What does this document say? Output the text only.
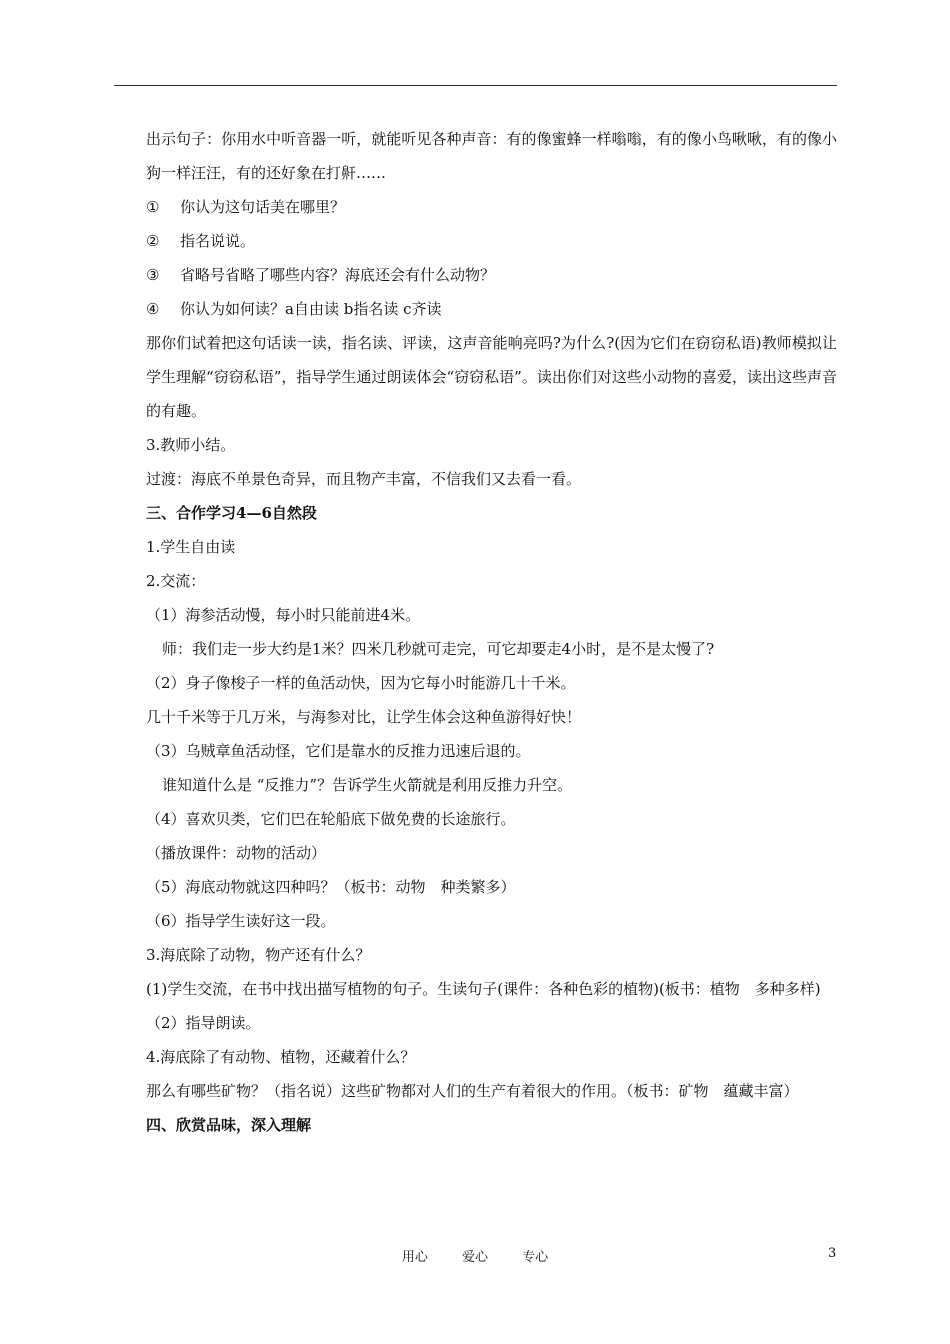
出示句子：你用水中听音器一听，就能听见各种声音：有的像蜜蜂一样嗡嗡，有的像小鸟啾啾，有的像小狗一样汪汪，有的还好象在打鼾……

① 你认为这句话美在哪里？

② 指名说说。

③ 省略号省略了哪些内容？海底还会有什么动物？

④ 你认为如何读？a自由读 b指名读 c齐读

那你们试着把这句话读一读，指名读、评读，这声音能响亮吗?为什么?(因为它们在窃窃私语)教师模拟让学生理解“窃窃私语”，指导学生通过朗读体会“窃窃私语”。读出你们对这些小动物的喜爱，读出这些声音的有趣。

3.教师小结。

过渡：海底不单景色奇异，而且物产丰富，不信我们又去看一看。

三、合作学习4—6自然段

1.学生自由读

2.交流：

（1）海参活动慢，每小时只能前进4米。

师：我们走一步大约是1米？四米几秒就可走完，可它却要走4小时，是不是太慢了?

（2）身子像梭子一样的鱼活动快，因为它每小时能游几十千米。

几十千米等于几万米，与海参对比，让学生体会这种鱼游得好快！

（3）乌贼章鱼活动怪，它们是靠水的反推力迅速后退的。

谁知道什么是 “反推力”？告诉学生火箭就是利用反推力升空。

（4）喜欢贝类，它们巴在轮船底下做免费的长途旅行。

（播放课件：动物的活动）

（5）海底动物就这四种吗？（板书：动物　种类繁多）

（6）指导学生读好这一段。

3.海底除了动物，物产还有什么？

(1)学生交流，在书中找出描写植物的句子。生读句子(课件：各种色彩的植物)(板书：植物　多种多样)

（2）指导朗读。

4.海底除了有动物、植物，还藏着什么？

那么有哪些矿物？（指名说）这些矿物都对人们的生产有着很大的作用。（板书：矿物　蕴藏丰富）

四、欣赏品味，深入理解

用心	爱心	专心	3
